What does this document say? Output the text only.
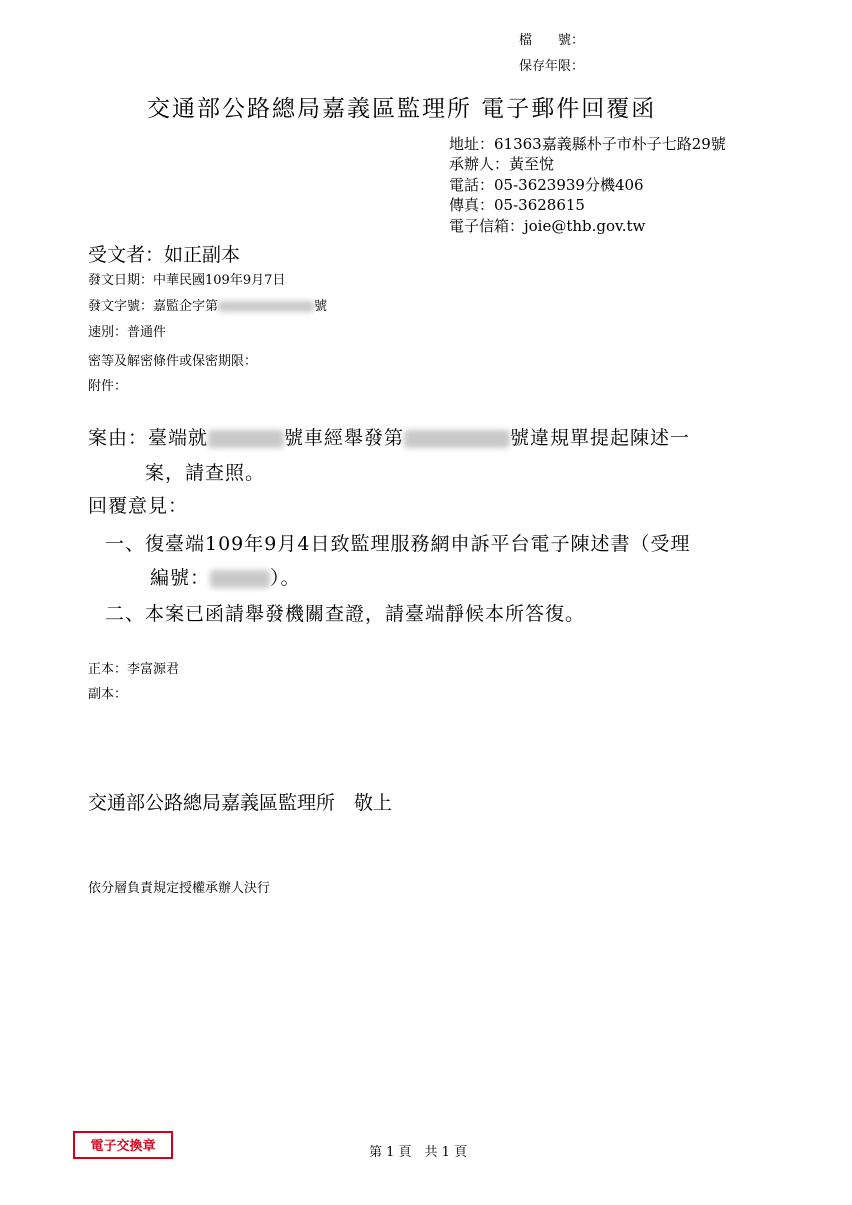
檔　　號：
保存年限：
交通部公路總局嘉義區監理所 電子郵件回覆函
地址：61363嘉義縣朴子市朴子七路29號
承辦人：黃至悅
電話：05-3623939分機406
傳真：05-3628615
電子信箱：joie@thb.gov.tw
受文者：如正副本
發文日期：中華民國109年9月7日
發文字號：嘉監企字第	號
速別：普通件
密等及解密條件或保密期限：
附件：
案由：臺端就	號車經舉發第	號違規單提起陳述一
案，請查照。
回覆意見：
一、復臺端109年9月4日致監理服務網申訴平台電子陳述書（受理
編號：	）。
二、本案已函請舉發機關查證，請臺端靜候本所答復。
正本：李富源君
副本：
交通部公路總局嘉義區監理所　敬上
依分層負責規定授權承辦人決行
電子交換章	第 1 頁　共 1 頁
